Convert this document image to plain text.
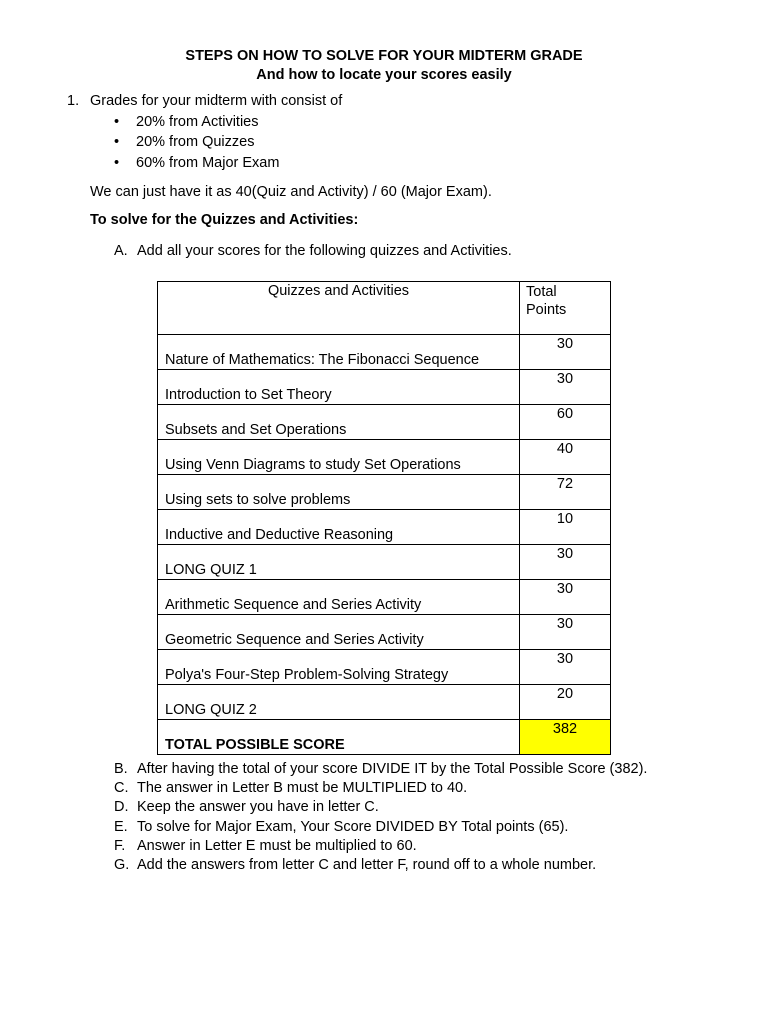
STEPS ON HOW TO SOLVE FOR YOUR MIDTERM GRADE
And how to locate your scores easily
1. Grades for your midterm with consist of
• 20% from Activities
• 20% from Quizzes
• 60% from Major Exam
We can just have it as 40(Quiz and Activity) / 60 (Major Exam).
To solve for the Quizzes and Activities:
A. Add all your scores for the following quizzes and Activities.
Quizzes and Activities	Total
Points

Nature of Mathematics: The Fibonacci Sequence	30
Introduction to Set Theory	30
Subsets and Set Operations	60
Using Venn Diagrams to study Set Operations	40
Using sets to solve problems	72
Inductive and Deductive Reasoning	10
LONG QUIZ 1	30
Arithmetic Sequence and Series Activity	30
Geometric Sequence and Series Activity	30
Polya's Four-Step Problem-Solving Strategy	30
LONG QUIZ 2	20
TOTAL POSSIBLE SCORE	382
B. After having the total of your score DIVIDE IT by the Total Possible Score (382).
C. The answer in Letter B must be MULTIPLIED to 40.
D. Keep the answer you have in letter C.
E. To solve for Major Exam, Your Score DIVIDED BY Total points (65).
F. Answer in Letter E must be multiplied to 60.
G. Add the answers from letter C and letter F, round off to a whole number.
